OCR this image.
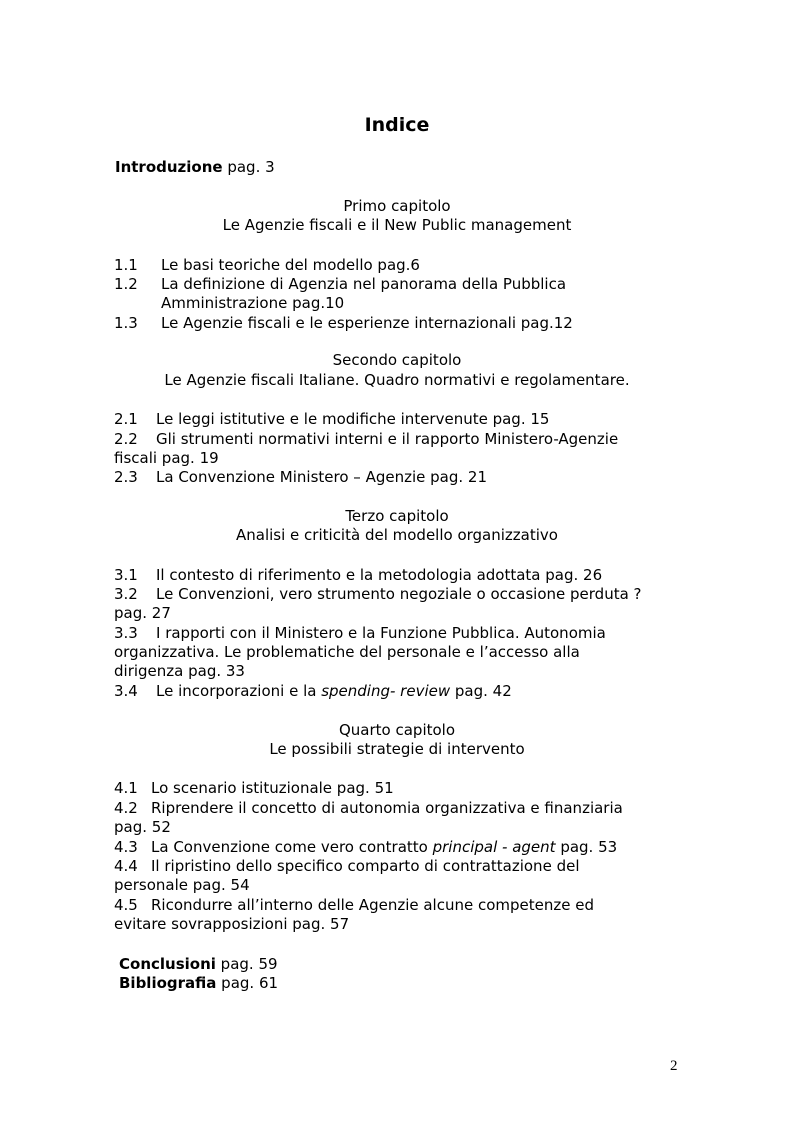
Indice
Introduzione pag. 3
Primo capitolo
Le Agenzie fiscali e il New Public management
1.1 Le basi teoriche del modello pag.6
1.2 La definizione di Agenzia nel panorama della Pubblica
Amministrazione pag.10
1.3 Le Agenzie fiscali e le esperienze internazionali pag.12
Secondo capitolo
Le Agenzie fiscali Italiane. Quadro normativi e regolamentare.
2.1 Le leggi istitutive e le modifiche intervenute pag. 15
2.2 Gli strumenti normativi interni e il rapporto Ministero-Agenzie
fiscali pag. 19
2.3 La Convenzione Ministero – Agenzie pag. 21
Terzo capitolo
Analisi e criticità del modello organizzativo
3.1 Il contesto di riferimento e la metodologia adottata pag. 26
3.2 Le Convenzioni, vero strumento negoziale o occasione perduta ?
pag. 27
3.3 I rapporti con il Ministero e la Funzione Pubblica. Autonomia
organizzativa. Le problematiche del personale e l’accesso alla
dirigenza pag. 33
3.4 Le incorporazioni e la spending- review pag. 42
Quarto capitolo
Le possibili strategie di intervento
4.1 Lo scenario istituzionale pag. 51
4.2 Riprendere il concetto di autonomia organizzativa e finanziaria
pag. 52
4.3 La Convenzione come vero contratto principal - agent pag. 53
4.4 Il ripristino dello specifico comparto di contrattazione del
personale pag. 54
4.5 Ricondurre all’interno delle Agenzie alcune competenze ed
evitare sovrapposizioni pag. 57
Conclusioni pag. 59
Bibliografia pag. 61
2
